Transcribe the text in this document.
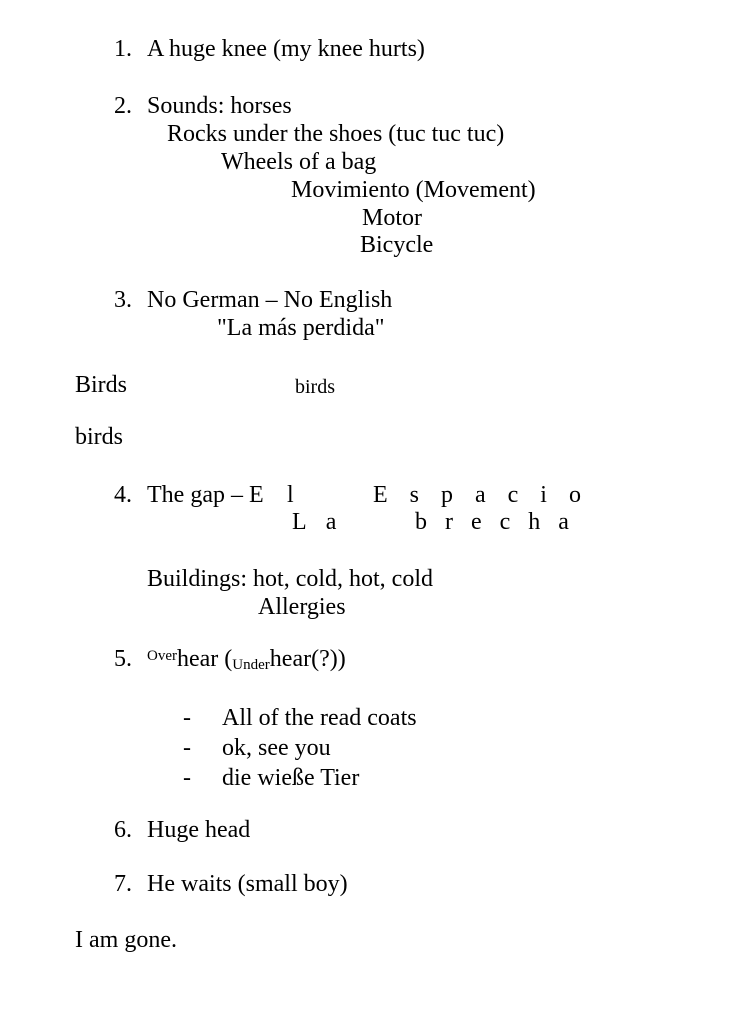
1.

A huge knee (my knee hurts)

2.

Sounds: horses

Rocks under the shoes (tuc tuc tuc)

Wheels of a bag

Movimiento (Movement)

Motor

Bicycle

3.

No German – No English

"La más perdida"

Birds

	birds

birds

4.

The gap – E

l

	E s p a c i o

L a

	b r e c h a

Buildings: hot, cold, hot, cold

Allergies

5.

$^{Over}$hear $(_{Under}hear(?))$

-

All of the read coats

-

ok, see you

-

die wieße Tier

6.

Huge head

7.

He waits (small boy)

I am gone.
